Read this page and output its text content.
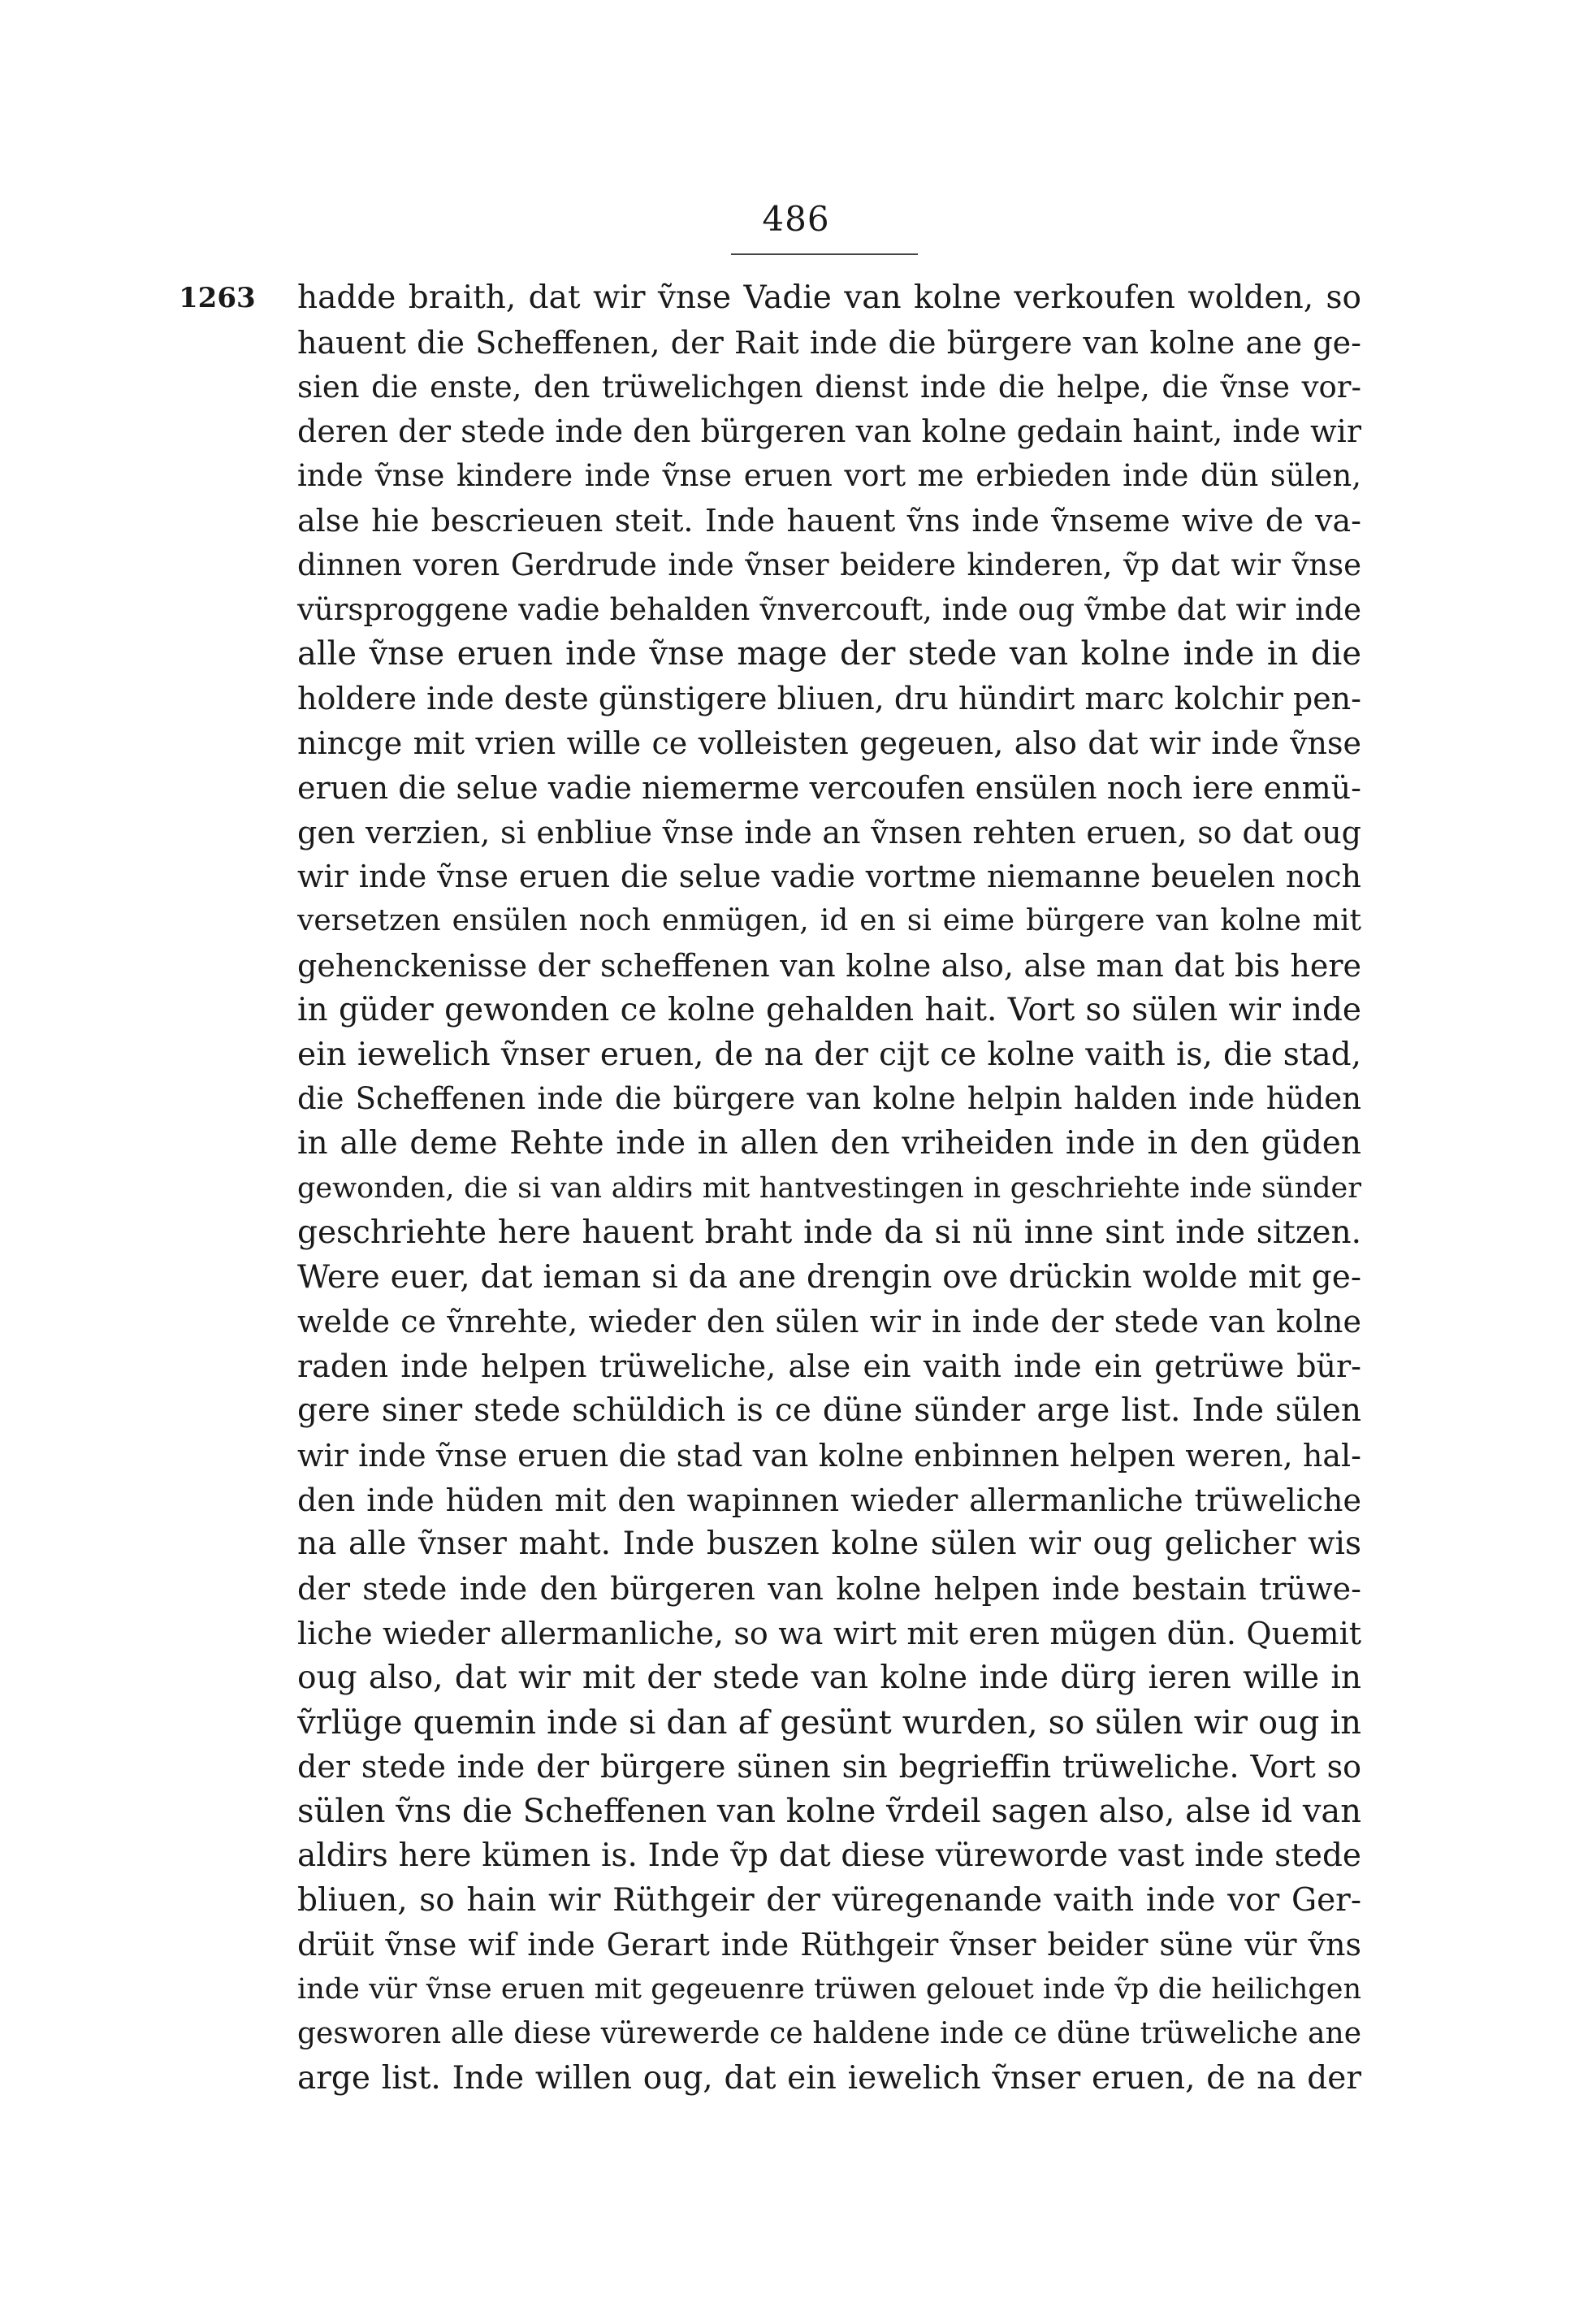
486
1263 hadde braith, dat wir ṽnse Vadie van kolne verkoufen wolden, so
hauent die Scheffenen, der Rait inde die bürgere van kolne ane ge-
sien die enste, den trüwelichgen dienst inde die helpe, die ṽnse vor-
deren der stede inde den bürgeren van kolne gedain haint, inde wir
inde ṽnse kindere inde ṽnse eruen vort me erbieden inde dün sülen,
alse hie bescrieuen steit. Inde hauent ṽns inde ṽnseme wive de va-
dinnen voren Gerdrude inde ṽnser beidere kinderen, ṽp dat wir ṽnse
vürsproggene vadie behalden ṽnvercouft, inde oug ṽmbe dat wir inde
alle ṽnse eruen inde ṽnse mage der stede van kolne inde in die
holdere inde deste günstigere bliuen, dru hündirt marc kolchir pen-
nincge mit vrien wille ce volleisten gegeuen, also dat wir inde ṽnse
eruen die selue vadie niemerme vercoufen ensülen noch iere enmü-
gen verzien, si enbliue ṽnse inde an ṽnsen rehten eruen, so dat oug
wir inde ṽnse eruen die selue vadie vortme niemanne beuelen noch
versetzen ensülen noch enmügen, id en si eime bürgere van kolne mit
gehenckenisse der scheffenen van kolne also, alse man dat bis here
in güder gewonden ce kolne gehalden hait. Vort so sülen wir inde
ein iewelich ṽnser eruen, de na der cijt ce kolne vaith is, die stad,
die Scheffenen inde die bürgere van kolne helpin halden inde hüden
in alle deme Rehte inde in allen den vriheiden inde in den güden
gewonden, die si van aldirs mit hantvestingen in geschriehte inde sünder
geschriehte here hauent braht inde da si nü inne sint inde sitzen.
Were euer, dat ieman si da ane drengin ove drückin wolde mit ge-
welde ce ṽnrehte, wieder den sülen wir in inde der stede van kolne
raden inde helpen trüweliche, alse ein vaith inde ein getrüwe bür-
gere siner stede schüldich is ce düne sünder arge list. Inde sülen
wir inde ṽnse eruen die stad van kolne enbinnen helpen weren, hal-
den inde hüden mit den wapinnen wieder allermanliche trüweliche
na alle ṽnser maht. Inde buszen kolne sülen wir oug gelicher wis
der stede inde den bürgeren van kolne helpen inde bestain trüwe-
liche wieder allermanliche, so wa wirt mit eren mügen dün. Quemit
oug also, dat wir mit der stede van kolne inde dürg ieren wille in
ṽrlüge quemin inde si dan af gesünt wurden, so sülen wir oug in
der stede inde der bürgere sünen sin begrieffin trüweliche. Vort so
sülen ṽns die Scheffenen van kolne ṽrdeil sagen also, alse id van
aldirs here kümen is. Inde ṽp dat diese vüreworde vast inde stede
bliuen, so hain wir Rüthgeir der vüregenande vaith inde vor Ger-
drüit ṽnse wif inde Gerart inde Rüthgeir ṽnser beider süne vür ṽns
inde vür ṽnse eruen mit gegeuenre trüwen gelouet inde ṽp die heilichgen
gesworen alle diese vürewerde ce haldene inde ce düne trüweliche ane
arge list. Inde willen oug, dat ein iewelich ṽnser eruen, de na der
